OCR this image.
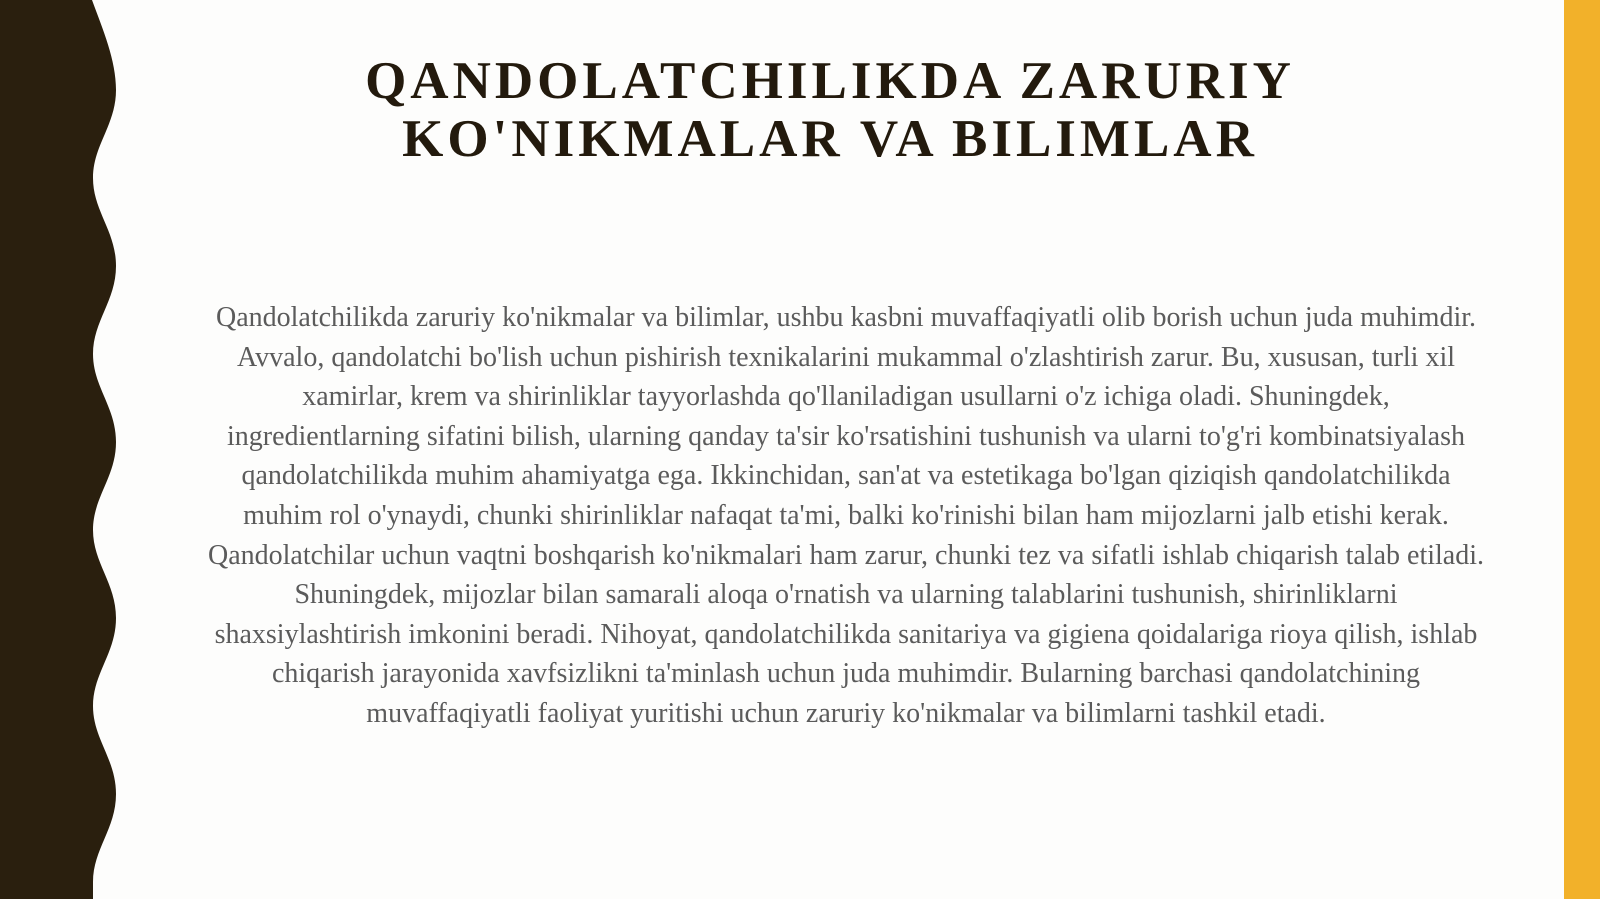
QANDOLATCHILIKDA ZARURIY
KO'NIKMALAR VA BILIMLAR

Qandolatchilikda zaruriy ko'nikmalar va bilimlar, ushbu kasbni muvaffaqiyatli olib borish uchun juda muhimdir. Avvalo, qandolatchi bo'lish uchun pishirish texnikalarini mukammal o'zlashtirish zarur. Bu, xususan, turli xil xamirlar, krem va shirinliklar tayyorlashda qo'llaniladigan usullarni o'z ichiga oladi. Shuningdek, ingredientlarning sifatini bilish, ularning qanday ta'sir ko'rsatishini tushunish va ularni to'g'ri kombinatsiyalash qandolatchilikda muhim ahamiyatga ega. Ikkinchidan, san'at va estetikaga bo'lgan qiziqish qandolatchilikda muhim rol o'ynaydi, chunki shirinliklar nafaqat ta'mi, balki ko'rinishi bilan ham mijozlarni jalb etishi kerak. Qandolatchilar uchun vaqtni boshqarish ko'nikmalari ham zarur, chunki tez va sifatli ishlab chiqarish talab etiladi. Shuningdek, mijozlar bilan samarali aloqa o'rnatish va ularning talablarini tushunish, shirinliklarni shaxsiylashtirish imkonini beradi. Nihoyat, qandolatchilikda sanitariya va gigiena qoidalariga rioya qilish, ishlab chiqarish jarayonida xavfsizlikni ta'minlash uchun juda muhimdir. Bularning barchasi qandolatchining muvaffaqiyatli faoliyat yuritishi uchun zaruriy ko'nikmalar va bilimlarni tashkil etadi.
